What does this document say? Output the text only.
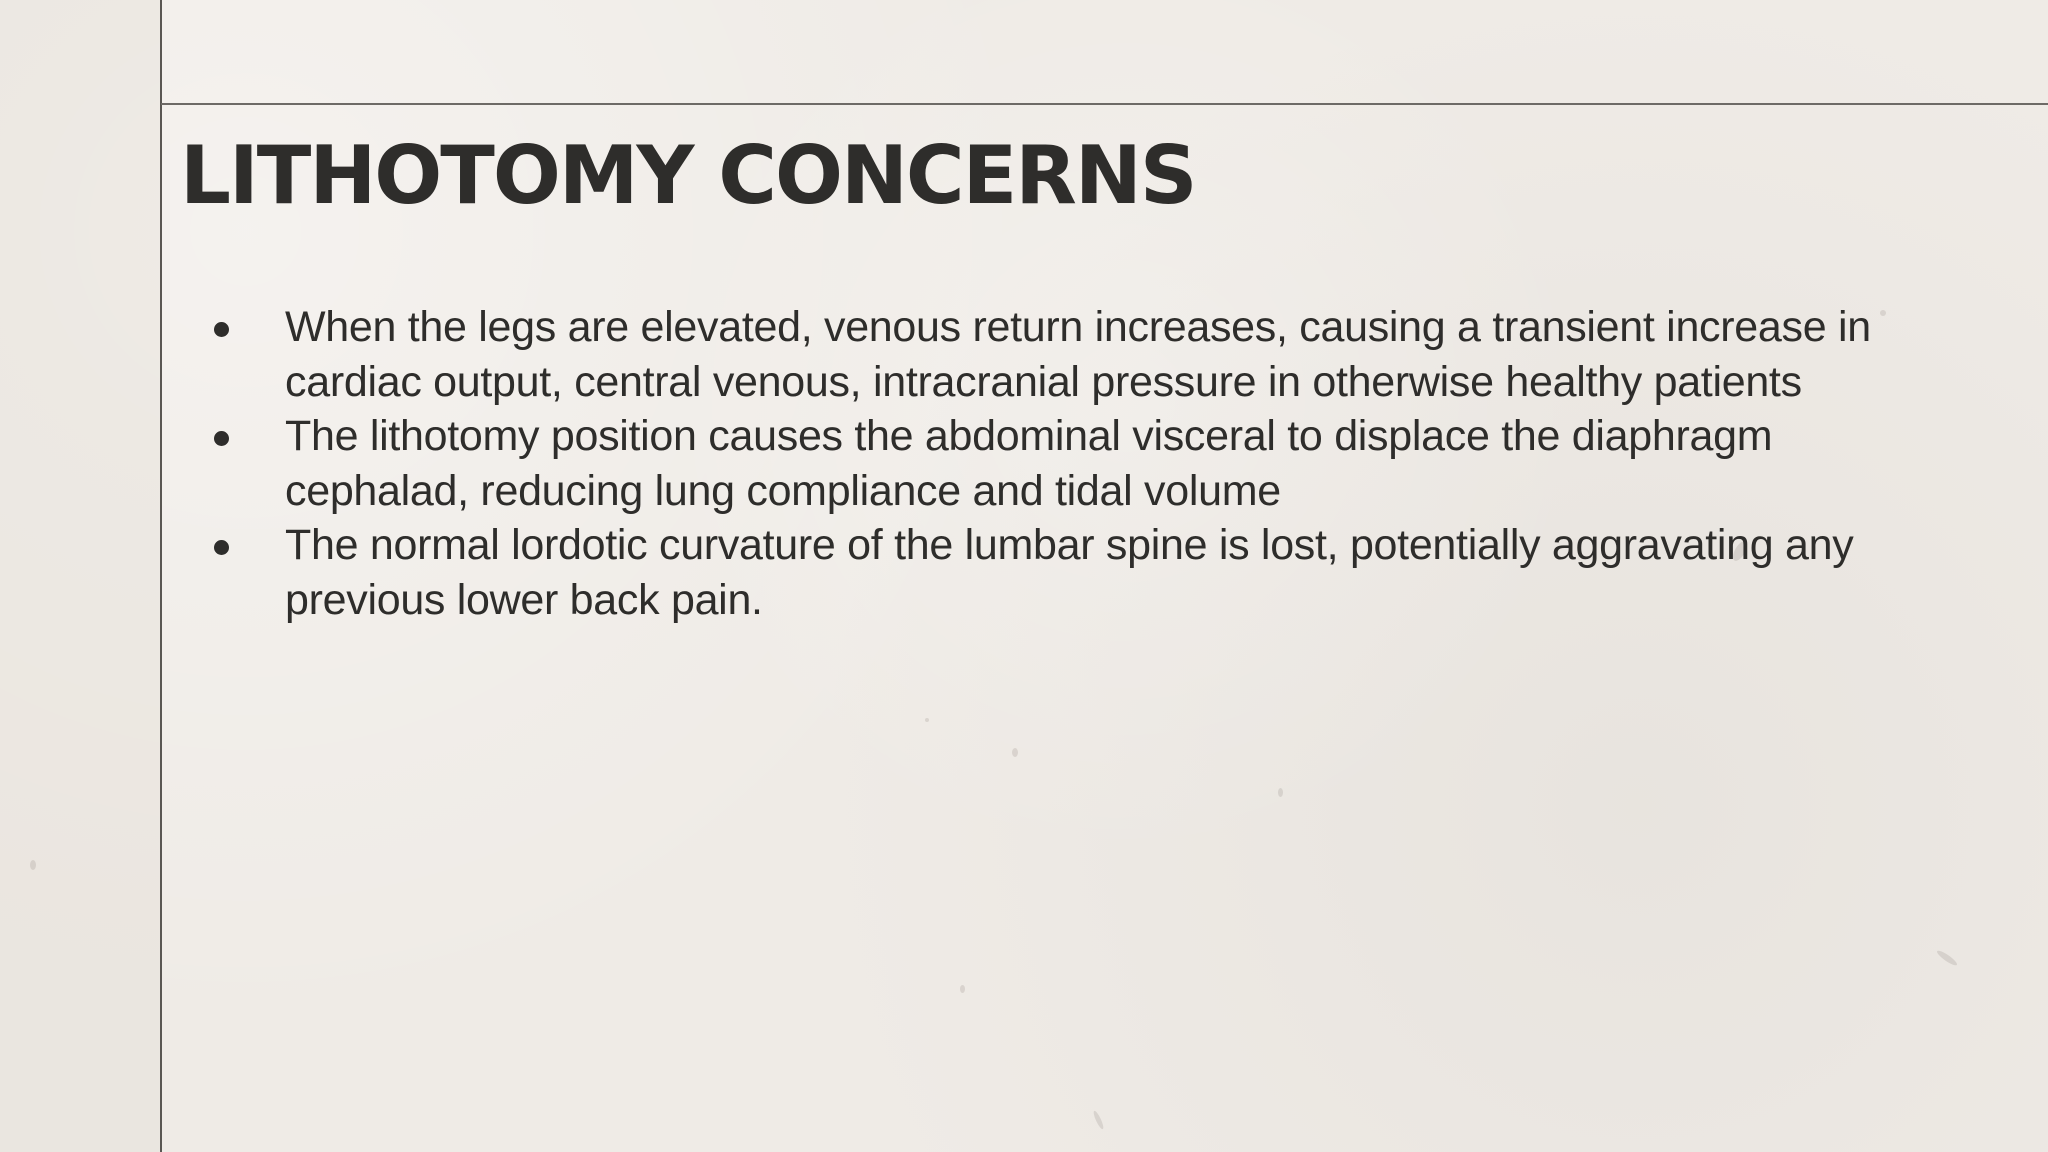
LITHOTOMY CONCERNS
When the legs are elevated, venous return increases, causing a transient increase in cardiac output, central venous, intracranial pressure in otherwise healthy patients
The lithotomy position causes the abdominal visceral to displace the diaphragm cephalad, reducing lung compliance and tidal volume
The normal lordotic curvature of the lumbar spine is lost, potentially aggravating any previous lower back pain.
